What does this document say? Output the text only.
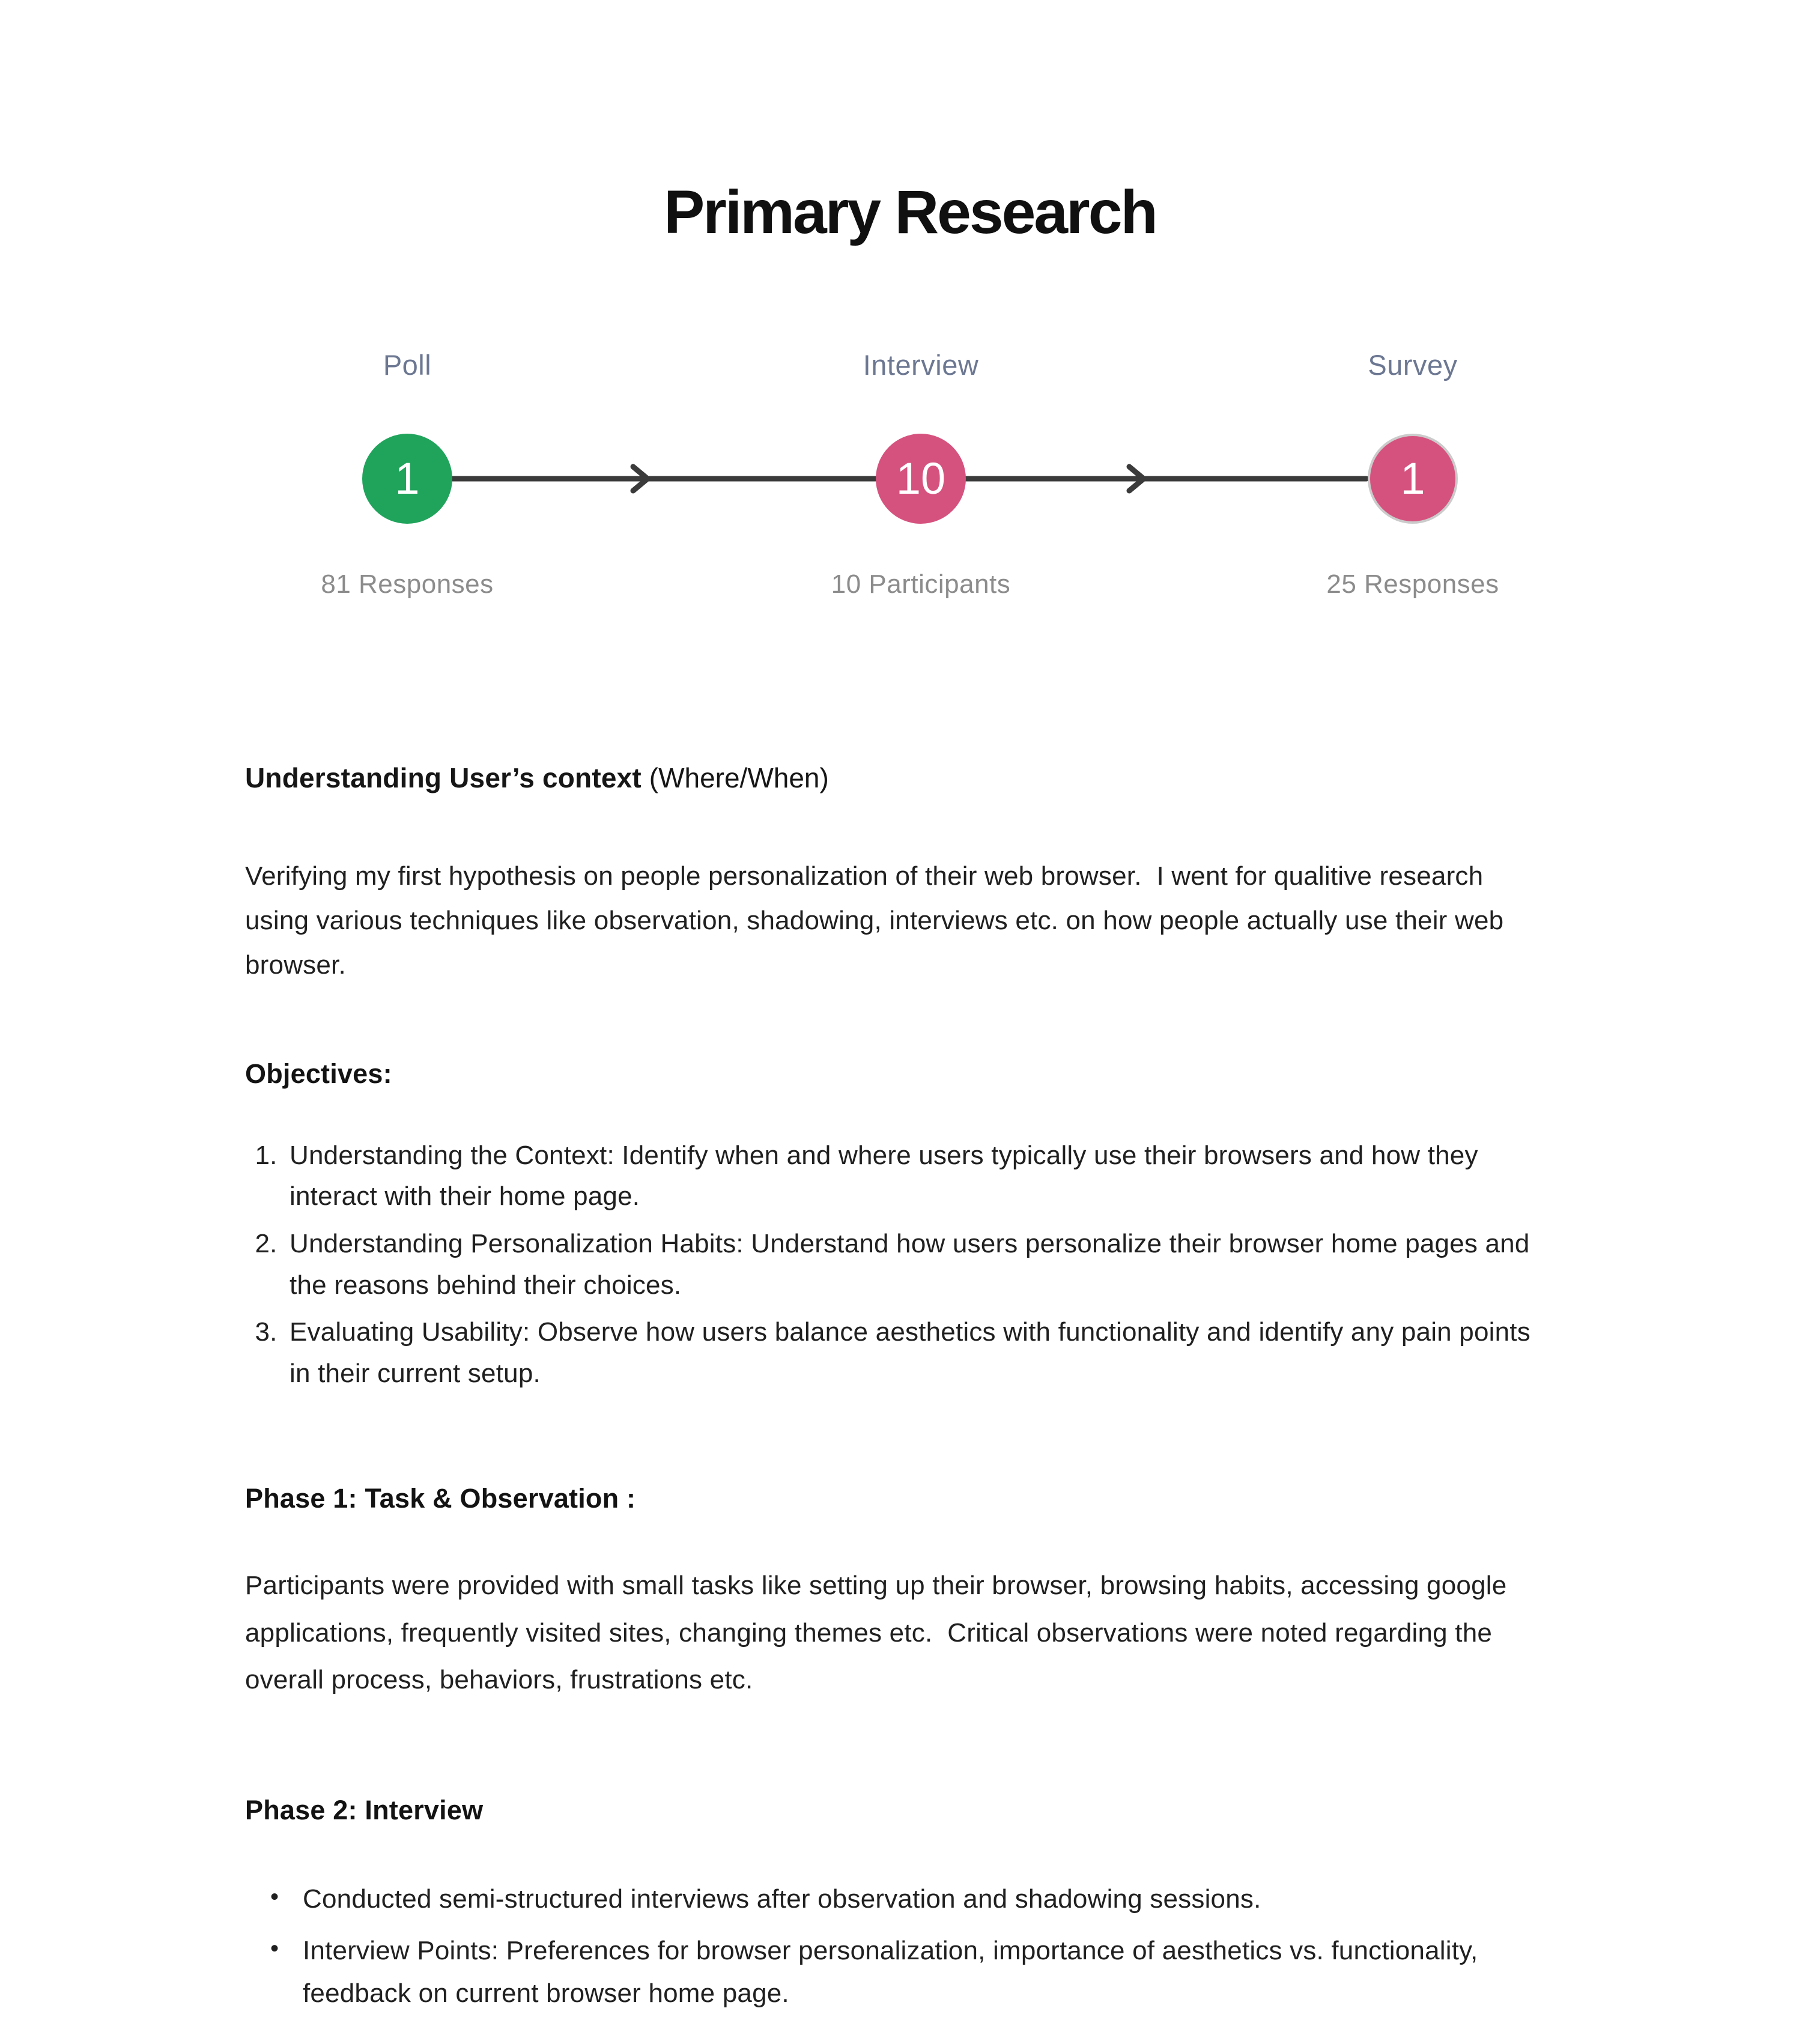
Primary Research
Poll
1
81 Responses
Interview
10
10 Participants
Survey
1
25 Responses
Understanding User’s context (Where/When)

Verifying my first hypothesis on people personalization of their web browser.  I went for qualitive research using various techniques like observation, shadowing, interviews etc. on how people actually use their web browser.

Objectives:
1. Understanding the Context: Identify when and where users typically use their browsers and how they interact with their home page.
2. Understanding Personalization Habits: Understand how users personalize their browser home pages and the reasons behind their choices.
3. Evaluating Usability: Observe how users balance aesthetics with functionality and identify any pain points in their current setup.
Phase 1: Task & Observation :

Participants were provided with small tasks like setting up their browser, browsing habits, accessing google applications, frequently visited sites, changing themes etc.  Critical observations were noted regarding the overall process, behaviors, frustrations etc.

Phase 2: Interview
• Conducted semi-structured interviews after observation and shadowing sessions.
• Interview Points: Preferences for browser personalization, importance of aesthetics vs. functionality, feedback on current browser home page.
